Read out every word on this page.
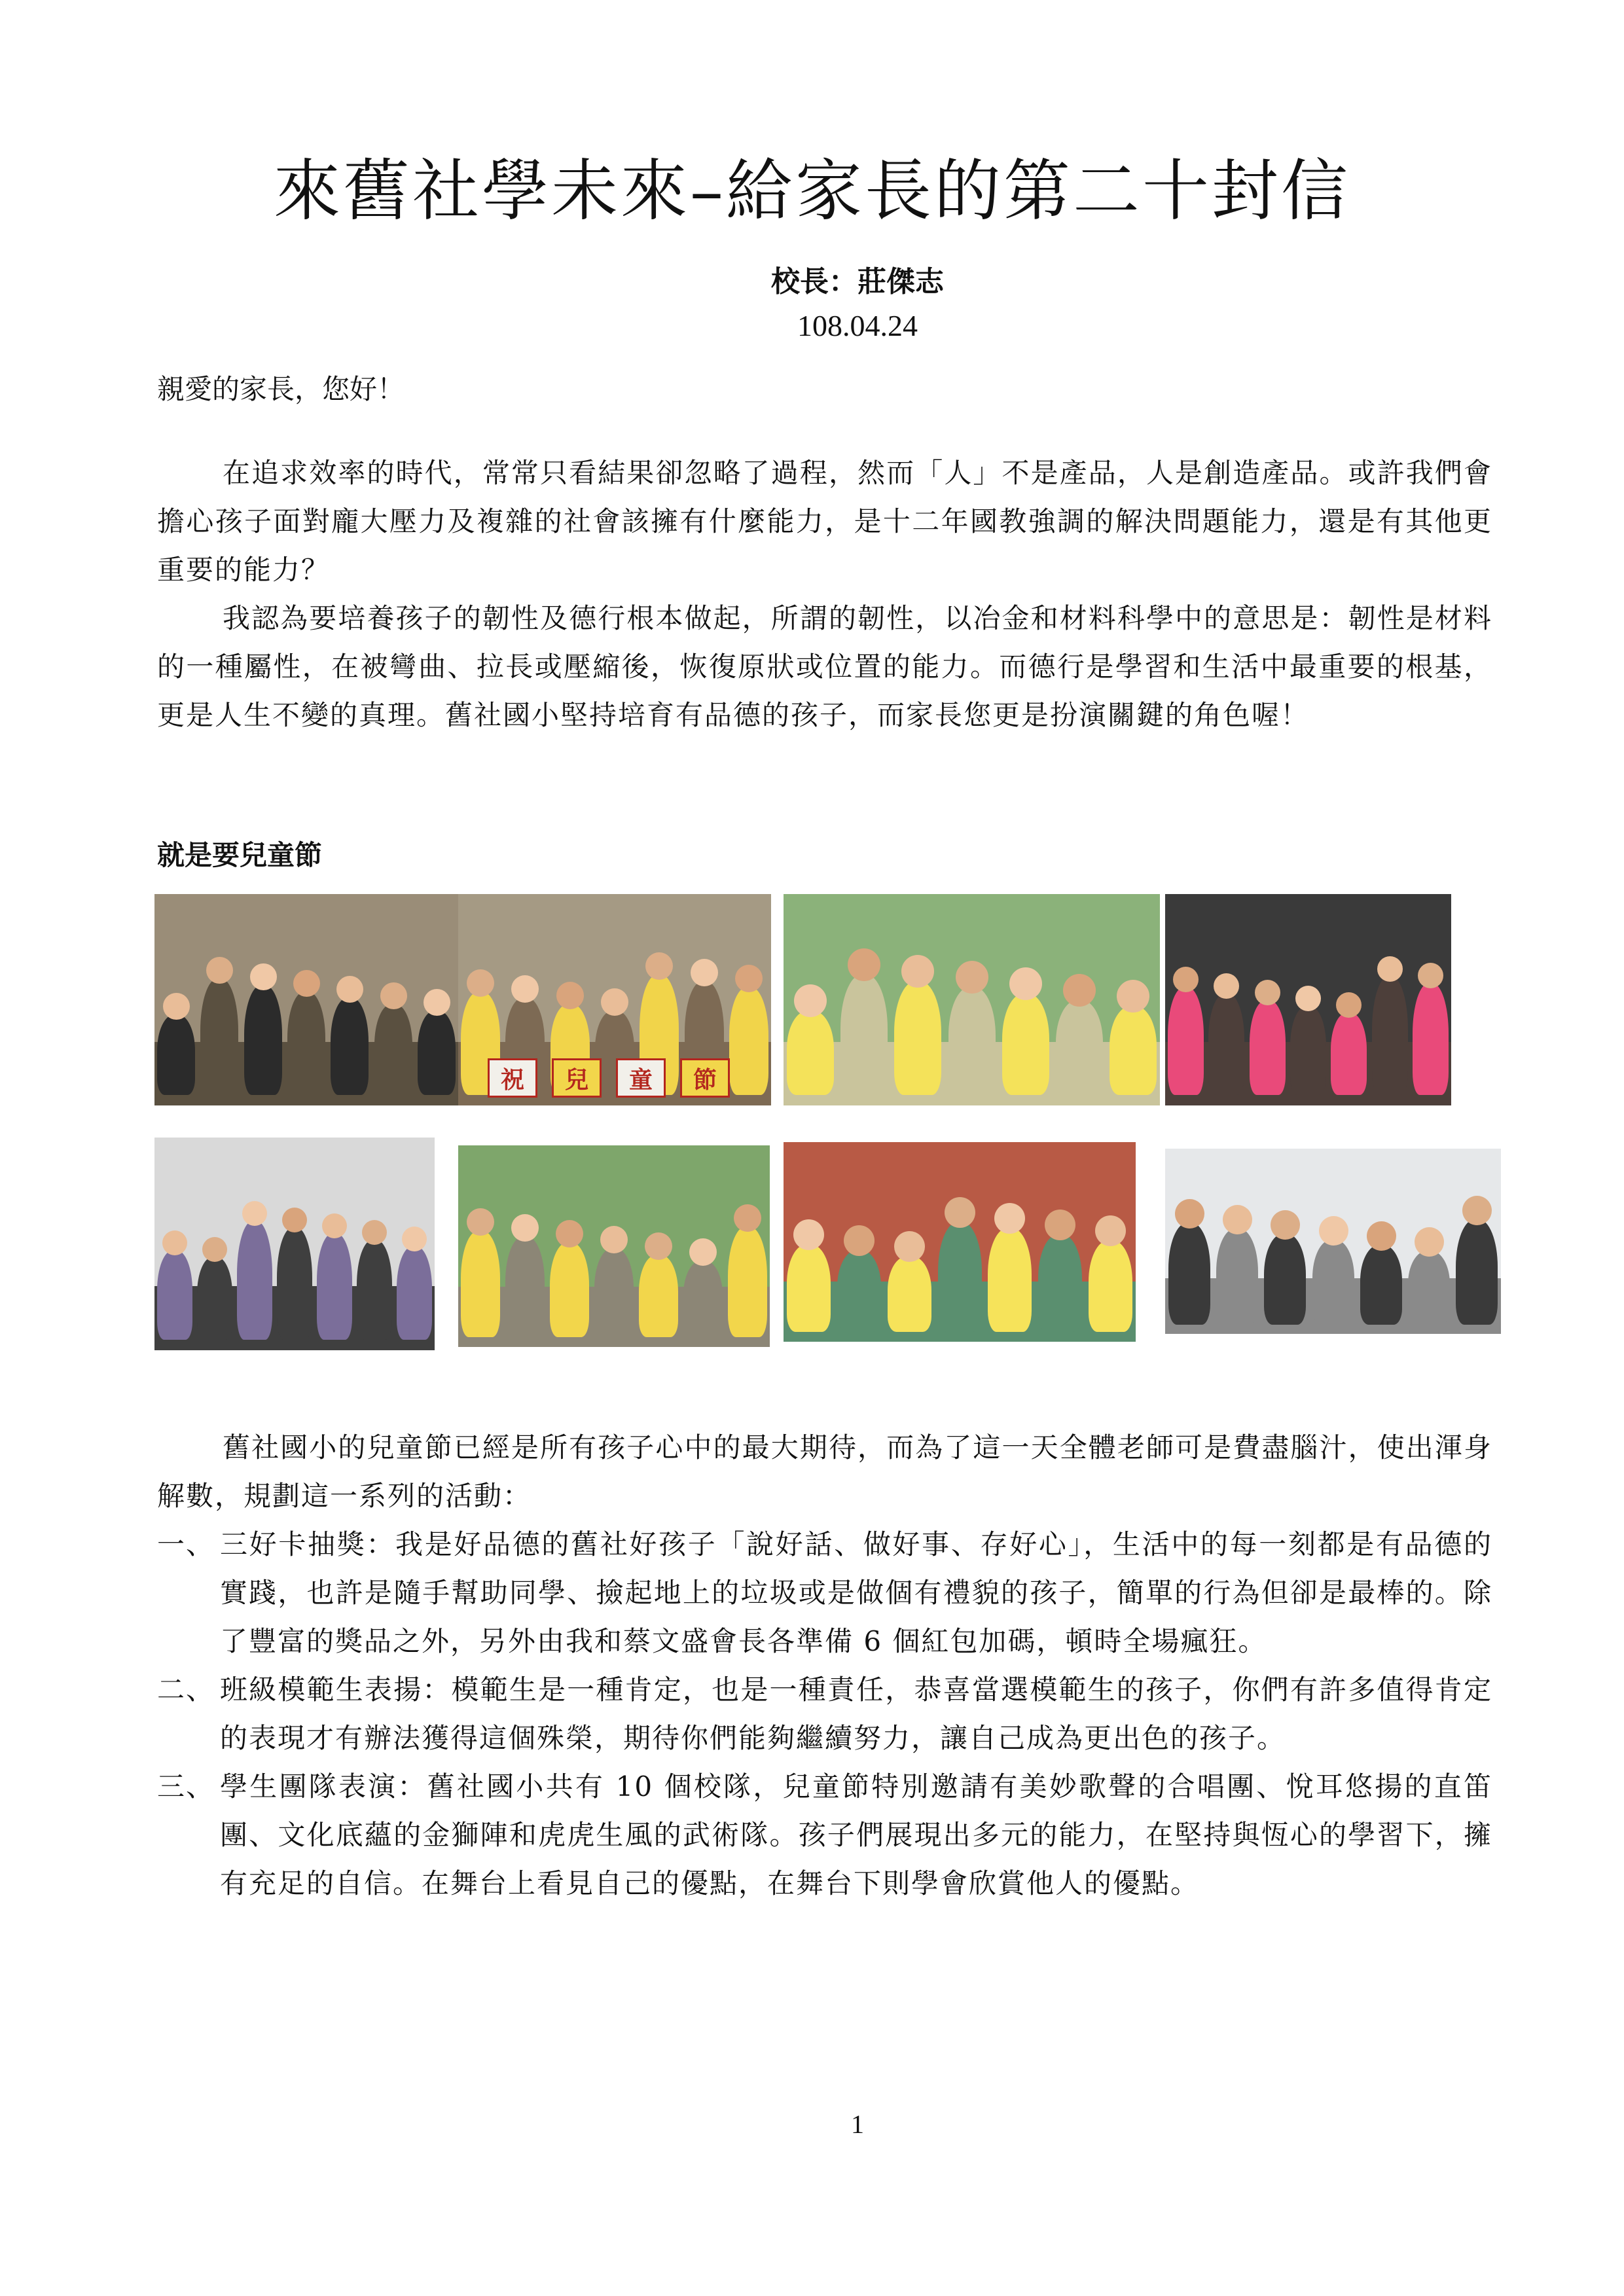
來舊社學未來–給家長的第二十封信
校長：莊傑志
108.04.24
親愛的家長，您好！

在追求效率的時代，常常只看結果卻忽略了過程，然而「人」不是產品，人是創造產品。或許我們會擔心孩子面對龐大壓力及複雜的社會該擁有什麼能力，是十二年國教強調的解決問題能力，還是有其他更重要的能力？

我認為要培養孩子的韌性及德行根本做起，所謂的韌性，以冶金和材料科學中的意思是：韌性是材料的一種屬性，在被彎曲、拉長或壓縮後，恢復原狀或位置的能力。而德行是學習和生活中最重要的根基，更是人生不變的真理。舊社國小堅持培育有品德的孩子，而家長您更是扮演關鍵的角色喔！

就是要兒童節
祝	兒	童	節

舊社國小的兒童節已經是所有孩子心中的最大期待，而為了這一天全體老師可是費盡腦汁，使出渾身解數，規劃這一系列的活動：

一、 三好卡抽獎：我是好品德的舊社好孩子「說好話、做好事、存好心」，生活中的每一刻都是有品德的實踐，也許是隨手幫助同學、撿起地上的垃圾或是做個有禮貌的孩子，簡單的行為但卻是最棒的。除了豐富的獎品之外，另外由我和蔡文盛會長各準備 6 個紅包加碼，頓時全場瘋狂。
二、 班級模範生表揚：模範生是一種肯定，也是一種責任，恭喜當選模範生的孩子，你們有許多值得肯定的表現才有辦法獲得這個殊榮，期待你們能夠繼續努力，讓自己成為更出色的孩子。
三、 學生團隊表演：舊社國小共有 10 個校隊，兒童節特別邀請有美妙歌聲的合唱團、悅耳悠揚的直笛團、文化底蘊的金獅陣和虎虎生風的武術隊。孩子們展現出多元的能力，在堅持與恆心的學習下，擁有充足的自信。在舞台上看見自己的優點，在舞台下則學會欣賞他人的優點。
1
